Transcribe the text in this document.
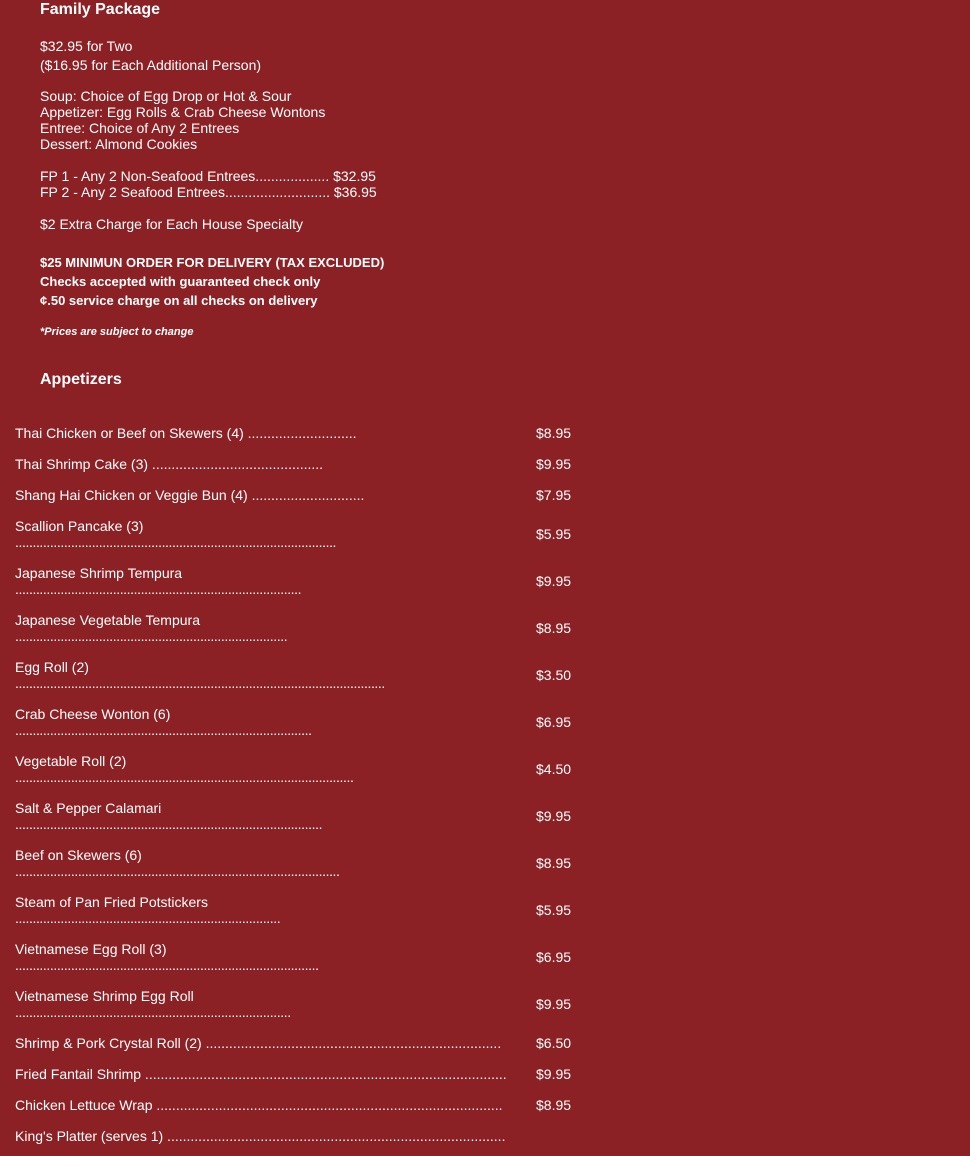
Family Package

$32.95 for Two

($16.95 for Each Additional Person)

Soup: Choice of Egg Drop or Hot & Sour

Appetizer: Egg Rolls & Crab Cheese Wontons

Entree: Choice of Any 2 Entrees

Dessert: Almond Cookies

FP 1 - Any 2 Non-Seafood Entrees................... $32.95

FP 2 - Any 2 Seafood Entrees........................... $36.95

$2 Extra Charge for Each House Specialty

$25 MINIMUN ORDER FOR DELIVERY (TAX EXCLUDED)

Checks accepted with guaranteed check only

¢.50 service charge on all checks on delivery

*Prices are subject to change

Appetizers
Thai Chicken or Beef on Skewers (4) ............................	$8.95
Thai Shrimp Cake (3) ............................................	$9.95
Shang Hai Chicken or Veggie Bun (4) .............................	$7.95
Scallion Pancake (3)
............................................................................................	$5.95
Japanese Shrimp Tempura
..................................................................................	$9.95
Japanese Vegetable Tempura
..............................................................................	$8.95
Egg Roll (2)
..........................................................................................................	$3.50
Crab Cheese Wonton (6)
.....................................................................................	$6.95
Vegetable Roll (2)
.................................................................................................	$4.50
Salt & Pepper Calamari
........................................................................................	$9.95
Beef on Skewers (6)
.............................................................................................	$8.95
Steam of Pan Fried Potstickers
............................................................................	$5.95
Vietnamese Egg Roll (3)
.......................................................................................	$6.95
Vietnamese Shrimp Egg Roll
...............................................................................	$9.95
Shrimp & Pork Crystal Roll (2) ............................................................................	$6.50
Fried Fantail Shrimp .............................................................................................	$9.95
Chicken Lettuce Wrap .........................................................................................	$8.95
King's Platter (serves 1) .......................................................................................
